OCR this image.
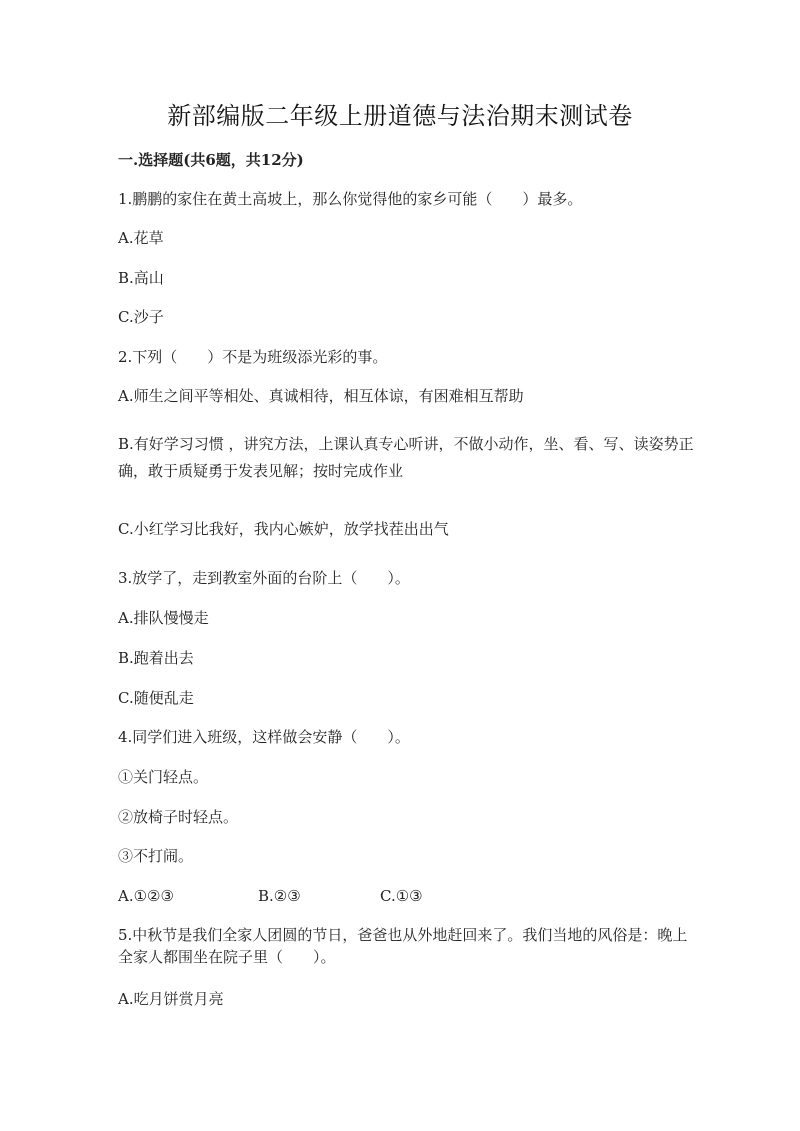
新部编版二年级上册道德与法治期末测试卷
一.选择题(共6题，共12分)
1.鹏鹏的家住在黄土高坡上，那么你觉得他的家乡可能（　　）最多。
A.花草
B.高山
C.沙子
2.下列（　　）不是为班级添光彩的事。
A.师生之间平等相处、真诚相待，相互体谅，有困难相互帮助
B.有好学习习惯 ，讲究方法，上课认真专心听讲，不做小动作，坐、看、写、读姿势正确，敢于质疑勇于发表见解；按时完成作业
C.小红学习比我好，我内心嫉妒，放学找茬出出气
3.放学了，走到教室外面的台阶上（　　）。
A.排队慢慢走
B.跑着出去
C.随便乱走
4.同学们进入班级，这样做会安静（　　）。
①关门轻点。
②放椅子时轻点。
③不打闹。
A.①②③	B.②③	C.①③
5.中秋节是我们全家人团圆的节日，爸爸也从外地赶回来了。我们当地的风俗是：晚上全家人都围坐在院子里（　　）。
A.吃月饼赏月亮
